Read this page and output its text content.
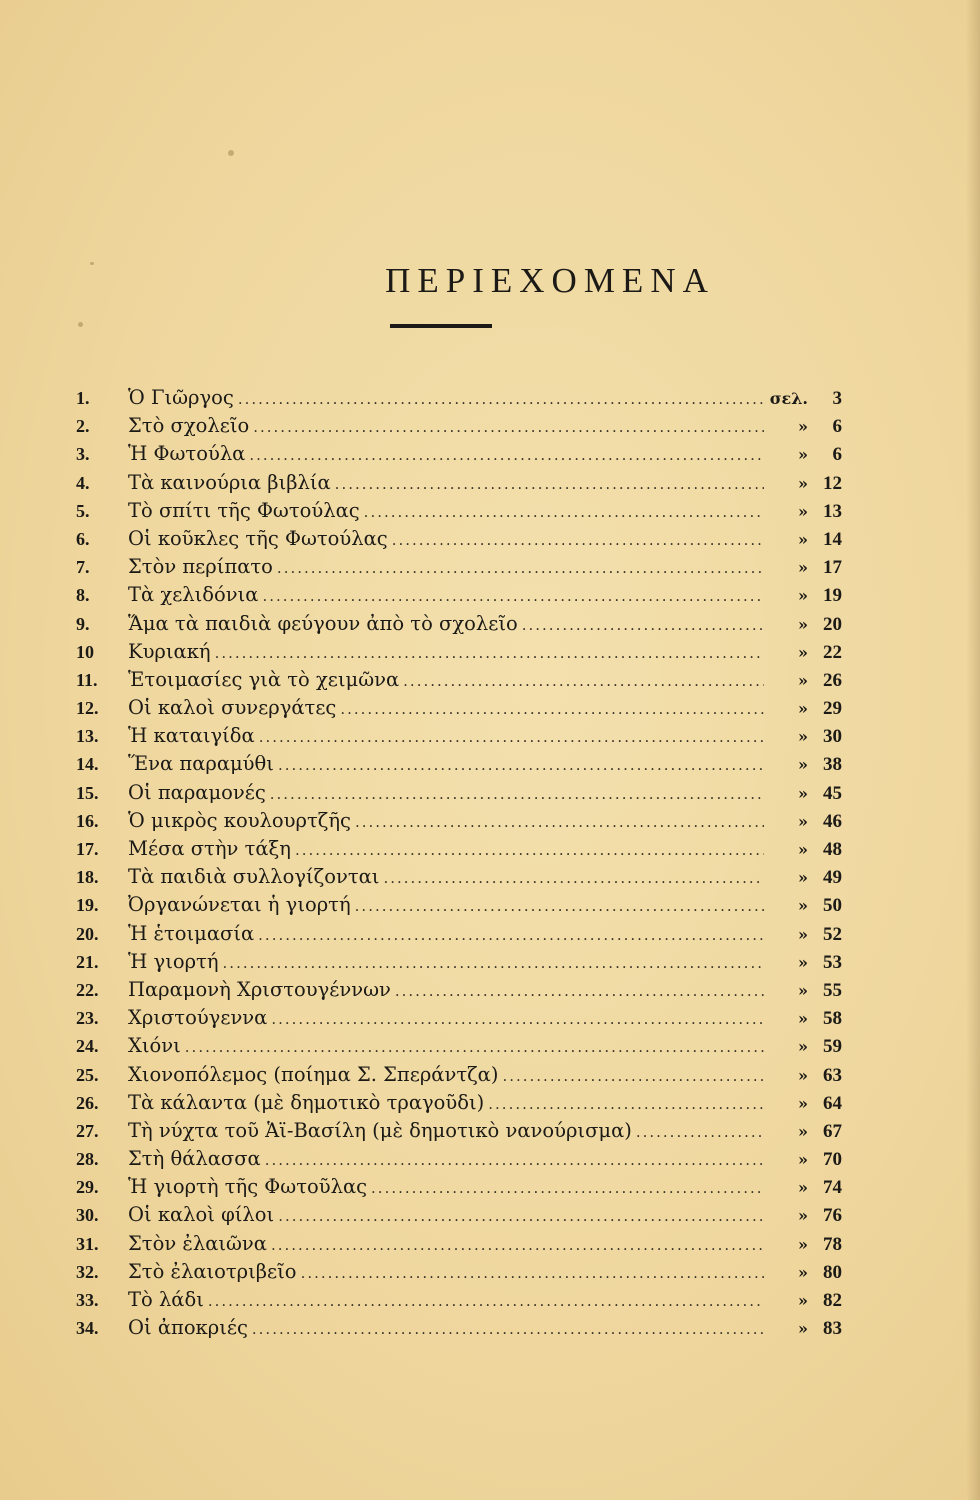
ΠΕΡΙΕΧΟΜΕΝΑ
1.	Ὁ Γιῶργος .....	σελ.	3
2.	Στὸ σχολεῖο .....	»	6
3.	Ἡ Φωτούλα .....	»	6
4.	Τὰ καινούρια βιβλία .....	» 12
5.	Τὸ σπίτι τῆς Φωτούλας .....	» 13
6.	Οἱ κοῦκλες τῆς Φωτούλας .....	» 14
7.	Στὸν περίπατο .....	» 17
8.	Τὰ χελιδόνια .....	» 19
9.	Ἅμα τὰ παιδιὰ φεύγουν ἀπὸ τὸ σχολεῖο .....	» 20
10	Κυριακή .....	» 22
11.	Ἑτοιμασίες γιὰ τὸ χειμῶνα .....	» 26
12.	Οἱ καλοὶ συνεργάτες .....	» 29
13.	Ἡ καταιγίδα .....	» 30
14.	Ἕνα παραμύθι .....	» 38
15.	Οἱ παραμονές .....	» 45
16.	Ὁ μικρὸς κουλουρτζῆς .....	» 46
17.	Μέσα στὴν τάξη .....	» 48
18.	Τὰ παιδιὰ συλλογίζονται .....	» 49
19.	Ὀργανώνεται ἡ γιορτή .....	» 50
20.	Ἡ ἑτοιμασία .....	» 52
21.	Ἡ γιορτή .....	» 53
22.	Παραμονὴ Χριστουγέννων .....	» 55
23.	Χριστούγεννα .....	» 58
24.	Χιόνι .....	» 59
25.	Χιονοπόλεμος (ποίημα Σ. Σπεράντζα) .....	» 63
26.	Τὰ κάλαντα (μὲ δημοτικὸ τραγοῦδι) .....	» 64
27.	Τὴ νύχτα τοῦ Ἁϊ-Βασίλη (μὲ δημοτικὸ νανούρισμα) .....	» 67
28.	Στὴ θάλασσα .....	» 70
29.	Ἡ γιορτὴ τῆς Φωτοῦλας .....	» 74
30.	Οἱ καλοὶ φίλοι .....	» 76
31.	Στὸν ἐλαιῶνα .....	» 78
32.	Στὸ ἐλαιοτριβεῖο .....	» 80
33.	Τὸ λάδι .....	» 82
34.	Οἱ ἀποκριές .....	» 83
